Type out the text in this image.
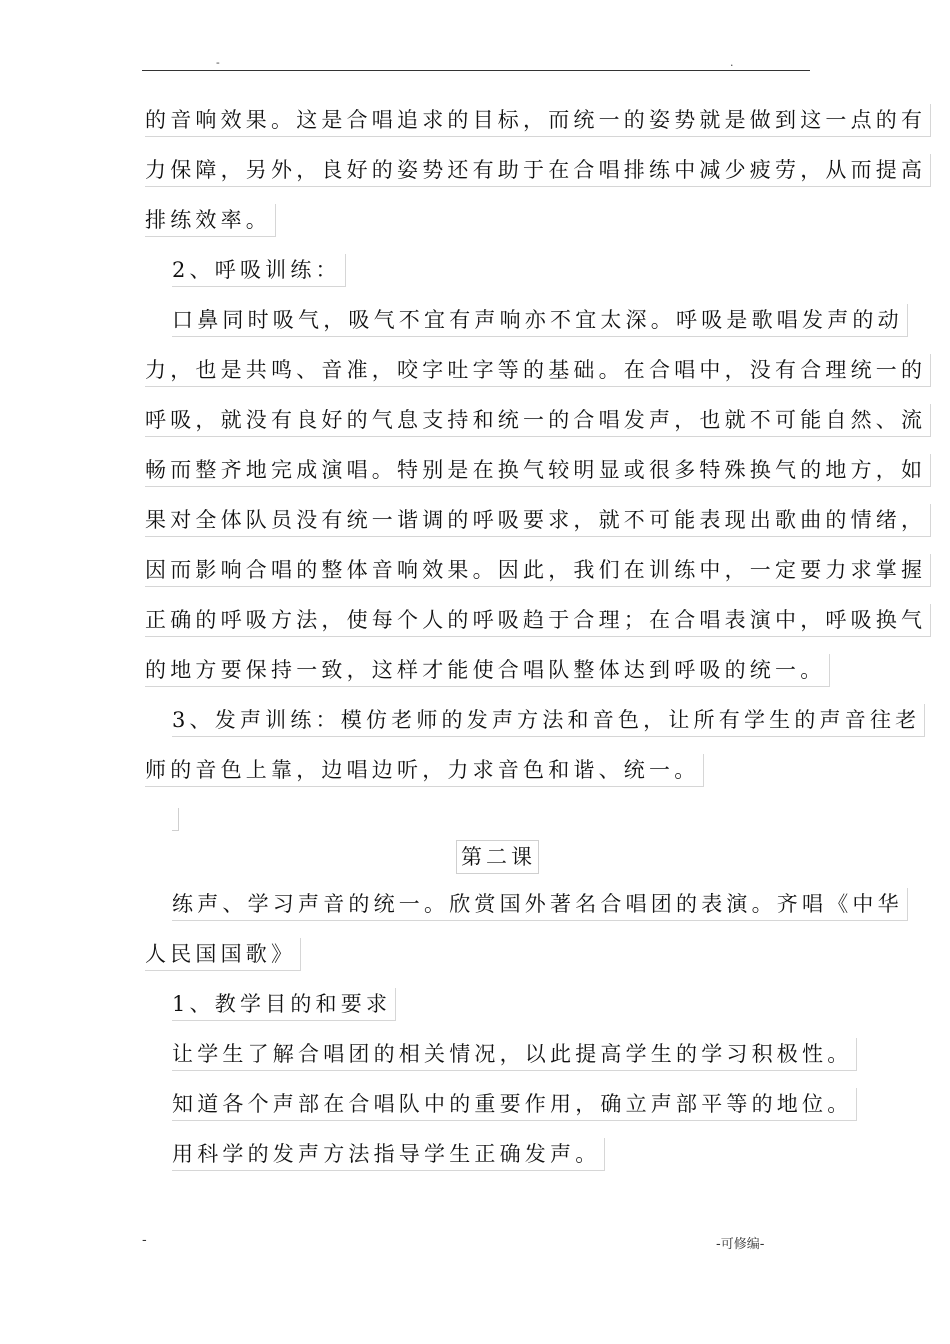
-	.
的音响效果。这是合唱追求的目标，而统一的姿势就是做到这一点的有
力保障，另外，良好的姿势还有助于在合唱排练中减少疲劳，从而提高
排练效率。
2、呼吸训练：
口鼻同时吸气，吸气不宜有声响亦不宜太深。呼吸是歌唱发声的动
力，也是共鸣、音准，咬字吐字等的基础。在合唱中，没有合理统一的
呼吸，就没有良好的气息支持和统一的合唱发声，也就不可能自然、流
畅而整齐地完成演唱。特别是在换气较明显或很多特殊换气的地方，如
果对全体队员没有统一谐调的呼吸要求，就不可能表现出歌曲的情绪，
因而影响合唱的整体音响效果。因此，我们在训练中，一定要力求掌握
正确的呼吸方法，使每个人的呼吸趋于合理；在合唱表演中，呼吸换气
的地方要保持一致，这样才能使合唱队整体达到呼吸的统一。
3、发声训练：模仿老师的发声方法和音色，让所有学生的声音往老
师的音色上靠，边唱边听，力求音色和谐、统一。
第二课
练声、学习声音的统一。欣赏国外著名合唱团的表演。齐唱《中华
人民国国歌》
1、教学目的和要求
让学生了解合唱团的相关情况，以此提高学生的学习积极性。
知道各个声部在合唱队中的重要作用，确立声部平等的地位。
用科学的发声方法指导学生正确发声。
-	-可修编-
